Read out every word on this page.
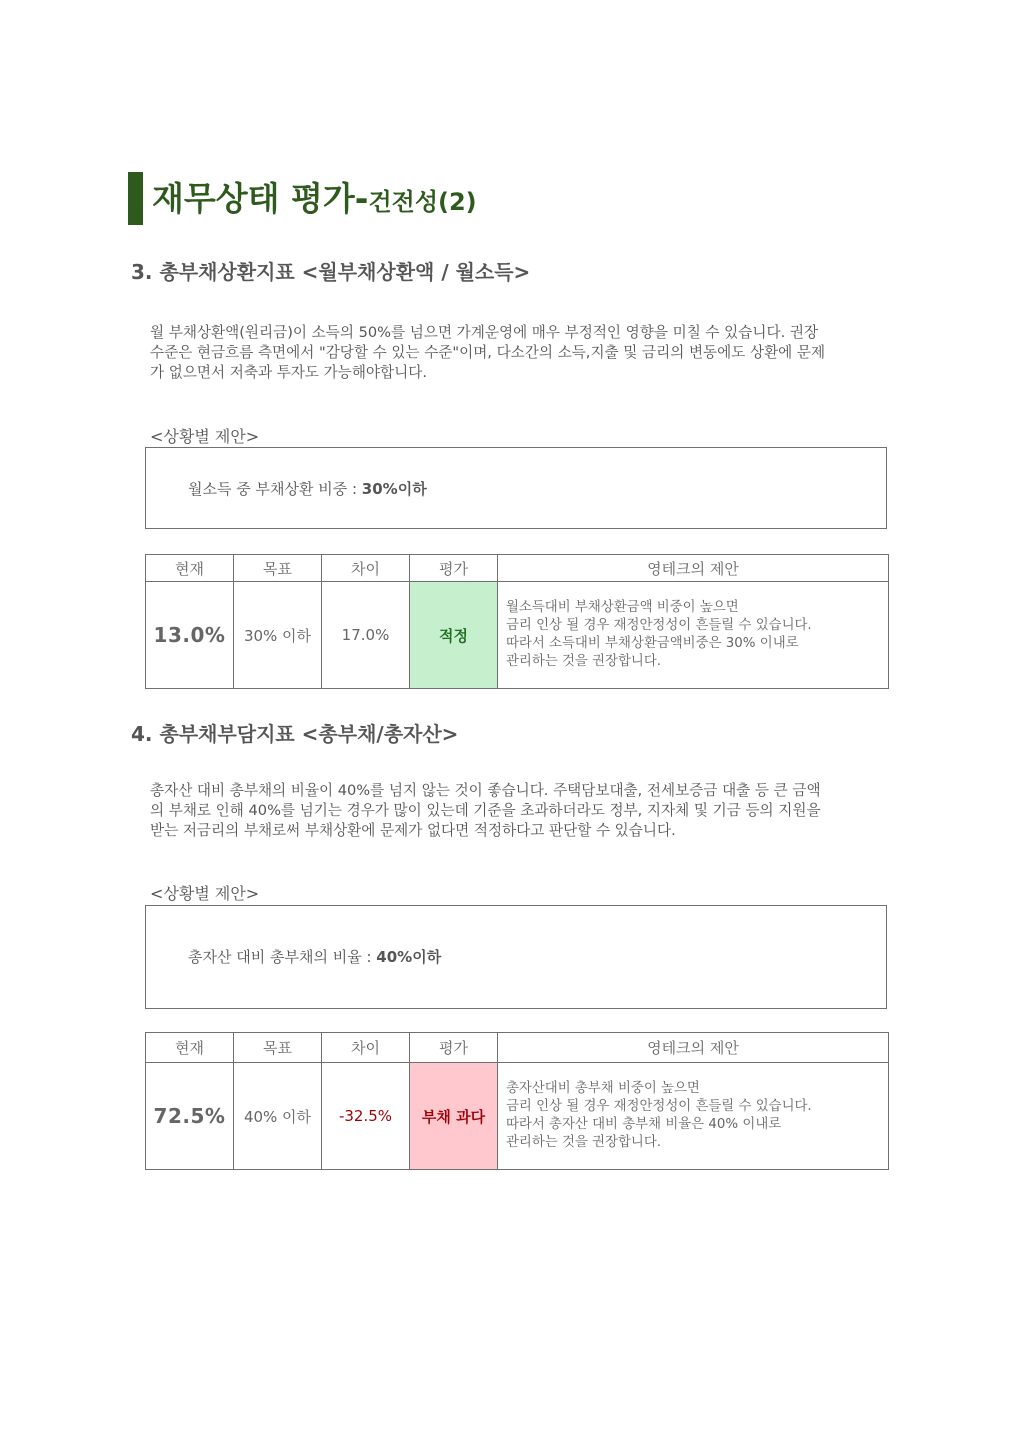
재무상태 평가-건전성(2)
3. 총부채상환지표 <월부채상환액 / 월소득>
월 부채상환액(원리금)이 소득의 50%를 넘으면 가계운영에 매우 부정적인 영향을 미칠 수 있습니다. 권장
수준은 현금흐름 측면에서 "감당할 수 있는 수준"이며, 다소간의 소득,지출 및 금리의 변동에도 상환에 문제
가 없으면서 저축과 투자도 가능해야합니다.
<상황별 제안>
월소득 중 부채상환 비중 : 30%이하
현재	목표	차이	평가	영테크의 제안
13.0%	30% 이하	17.0%	적정	월소득대비 부채상환금액 비중이 높으면
금리 인상 될 경우 재정안정성이 흔들릴 수 있습니다.
따라서 소득대비 부채상환금액비중은 30% 이내로
관리하는 것을 권장합니다.
4. 총부채부담지표 <총부채/총자산>
총자산 대비 총부채의 비율이 40%를 넘지 않는 것이 좋습니다. 주택담보대출, 전세보증금 대출 등 큰 금액
의 부채로 인해 40%를 넘기는 경우가 많이 있는데 기준을 초과하더라도 정부, 지자체 및 기금 등의 지원을
받는 저금리의 부채로써 부채상환에 문제가 없다면 적정하다고 판단할 수 있습니다.
<상황별 제안>
총자산 대비 총부채의 비율 : 40%이하
현재	목표	차이	평가	영테크의 제안
72.5%	40% 이하	-32.5%	부채 과다	총자산대비 총부채 비중이 높으면
금리 인상 될 경우 재정안정성이 흔들릴 수 있습니다.
따라서 총자산 대비 총부채 비율은 40% 이내로
관리하는 것을 권장합니다.
